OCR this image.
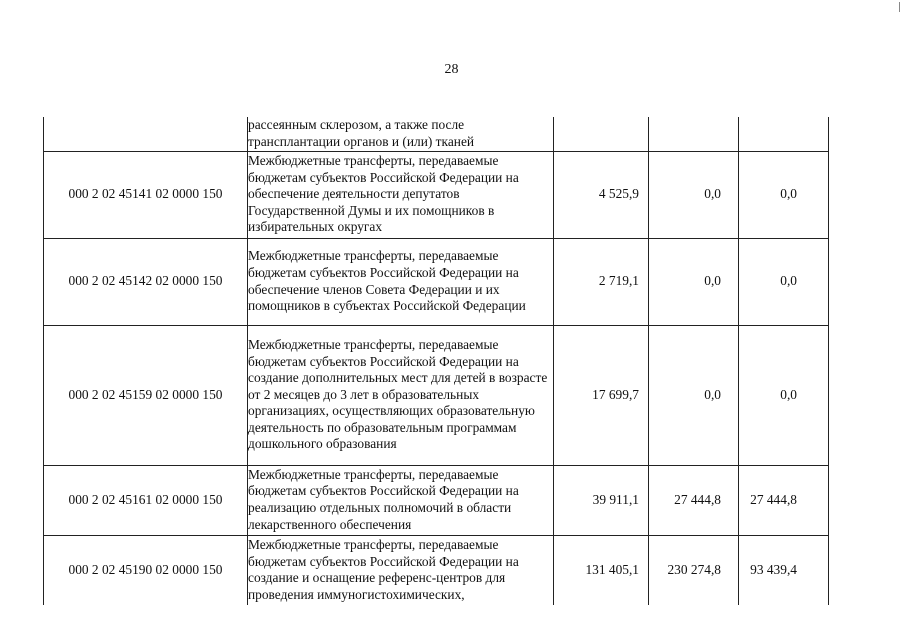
28

	рассеянным склерозом, а также после трансплантации органов и (или) тканей			

000 2 02 45141 02 0000 150	Межбюджетные трансферты, передаваемые бюджетам субъектов Российской Федерации на обеспечение деятельности депутатов Государственной Думы и их помощников в избирательных округах	4 525,9	0,0	0,0
000 2 02 45142 02 0000 150	Межбюджетные трансферты, передаваемые бюджетам субъектов Российской Федерации на обеспечение членов Совета Федерации и их помощников в субъектах Российской Федерации	2 719,1	0,0	0,0
000 2 02 45159 02 0000 150	Межбюджетные трансферты, передаваемые бюджетам субъектов Российской Федерации на создание дополнительных мест для детей в возрасте от 2 месяцев до 3 лет в образовательных организациях, осуществляющих образовательную деятельность по образовательным программам дошкольного образования	17 699,7	0,0	0,0
000 2 02 45161 02 0000 150	Межбюджетные трансферты, передаваемые бюджетам субъектов Российской Федерации на реализацию отдельных полномочий в области лекарственного обеспечения	39 911,1	27 444,8	27 444,8
000 2 02 45190 02 0000 150	Межбюджетные трансферты, передаваемые бюджетам субъектов Российской Федерации на создание и оснащение референс-центров для проведения иммуногистохимических,	131 405,1	230 274,8	93 439,4
